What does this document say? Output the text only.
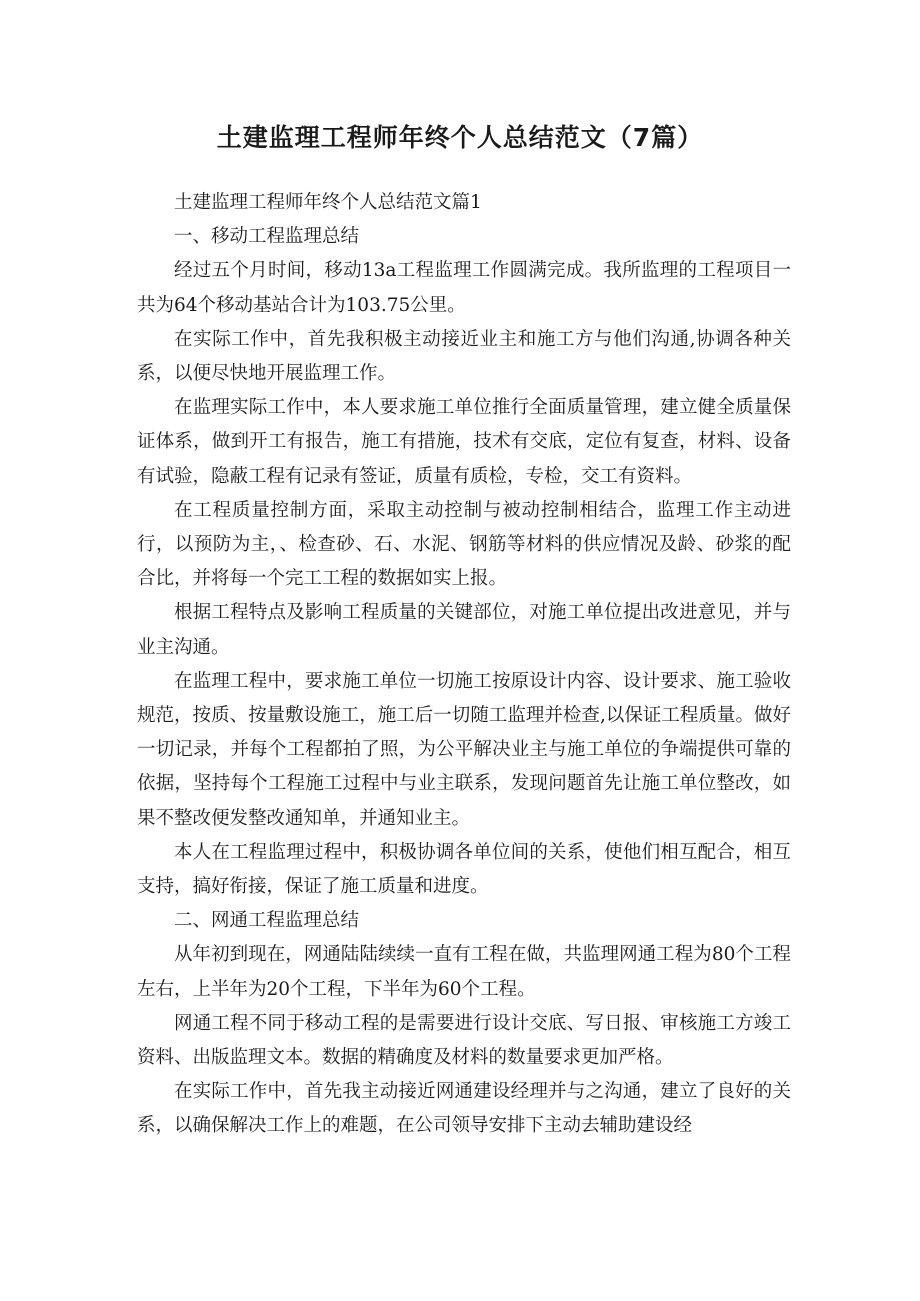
土建监理工程师年终个人总结范文（7篇）

土建监理工程师年终个人总结范文篇1

一、移动工程监理总结

经过五个月时间，移动13a工程监理工作圆满完成。我所监理的工程项目一共为64个移动基站合计为103.75公里。

在实际工作中，首先我积极主动接近业主和施工方与他们沟通,协调各种关系，以便尽快地开展监理工作。

在监理实际工作中，本人要求施工单位推行全面质量管理，建立健全质量保证体系，做到开工有报告，施工有措施，技术有交底，定位有复查，材料、设备有试验，隐蔽工程有记录有签证，质量有质检，专检，交工有资料。

在工程质量控制方面，采取主动控制与被动控制相结合，监理工作主动进行，以预防为主，、检查砂、石、水泥、钢筋等材料的供应情况及龄、砂浆的配合比，并将每一个完工工程的数据如实上报。

根据工程特点及影响工程质量的关键部位，对施工单位提出改进意见，并与业主沟通。

在监理工程中，要求施工单位一切施工按原设计内容、设计要求、施工验收规范，按质、按量敷设施工，施工后一切随工监理并检查,以保证工程质量。做好一切记录，并每个工程都拍了照，为公平解决业主与施工单位的争端提供可靠的依据，坚持每个工程施工过程中与业主联系，发现问题首先让施工单位整改，如果不整改便发整改通知单，并通知业主。

本人在工程监理过程中，积极协调各单位间的关系，使他们相互配合，相互支持，搞好衔接，保证了施工质量和进度。

二、网通工程监理总结

从年初到现在，网通陆陆续续一直有工程在做，共监理网通工程为80个工程左右，上半年为20个工程，下半年为60个工程。

网通工程不同于移动工程的是需要进行设计交底、写日报、审核施工方竣工资料、出版监理文本。数据的精确度及材料的数量要求更加严格。

在实际工作中，首先我主动接近网通建设经理并与之沟通，建立了良好的关系，以确保解决工作上的难题，在公司领导安排下主动去辅助建设经
